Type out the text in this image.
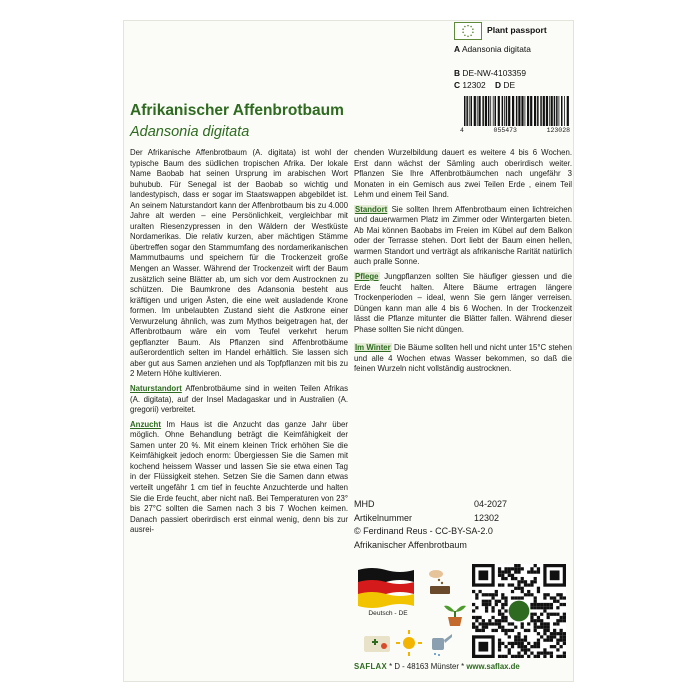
Plant passport
A Adansonia digitata
B DE-NW-4103359
C 12302 D DE
4	055473	123028
Afrikanischer Affenbrotbaum
Adansonia digitata

Der Afrikanische Affenbrotbaum (A. digitata) ist wohl der typische Baum des südlichen tropischen Afrika. Der lokale Name Baobab hat seinen Ursprung im arabischen Wort buhubub. Für Senegal ist der Baobab so wichtig und landestypisch, dass er sogar im Staatswappen abgebildet ist. An seinem Naturstandort kann der Affenbrotbaum bis zu 4.000 Jahre alt werden – eine Persönlichkeit, vergleichbar mit uralten Riesenzypressen in den Wäldern der Westküste Nordamerikas. Die relativ kurzen, aber mächtigen Stämme übertreffen sogar den Stammumfang des nordamerikanischen Mammutbaums und speichern für die Trockenzeit große Mengen an Wasser. Während der Trockenzeit wirft der Baum zusätzlich seine Blätter ab, um sich vor dem Austrocknen zu schützen. Die Baumkrone des Adansonia besteht aus kräftigen und urigen Ästen, die eine weit ausladende Krone formen. Im unbelaubten Zustand sieht die Astkrone einer Verwurzelung ähnlich, was zum Mythos beigetragen hat, der Affenbrotbaum wäre ein vom Teufel verkehrt herum gepflanzter Baum. Als Pflanzen sind Affenbrotbäume außerordentlich selten im Handel erhältlich. Sie lassen sich aber gut aus Samen anziehen und als Topfpflanzen mit bis zu 2 Metern Höhe kultivieren.

Naturstandort Affenbrotbäume sind in weiten Teilen Afrikas (A. digitata), auf der Insel Madagaskar und in Australien (A. gregorii) verbreitet.

Anzucht Im Haus ist die Anzucht das ganze Jahr über möglich. Ohne Behandlung beträgt die Keimfähigkeit der Samen unter 20 %. Mit einem kleinen Trick erhöhen Sie die Keimfähigkeit jedoch enorm: Übergiessen Sie die Samen mit kochend heissem Wasser und lassen Sie sie etwa einen Tag in der Flüssigkeit stehen. Setzen Sie die Samen dann etwas verteilt ungefähr 1 cm tief in feuchte Anzuchterde und halten Sie die Erde feucht, aber nicht naß. Bei Temperaturen von 23° bis 27°C sollten die Samen nach 3 bis 7 Wochen keimen. Danach passiert oberirdisch erst einmal wenig, denn bis zur ausrei-

chenden Wurzelbildung dauert es weitere 4 bis 6 Wochen. Erst dann wächst der Sämling auch oberirdisch weiter. Pflanzen Sie Ihre Affenbrotbäumchen nach ungefähr 3 Monaten in ein Gemisch aus zwei Teilen Erde , einem Teil Lehm und einem Teil Sand.

Standort Sie sollten Ihrem Affenbrotbaum einen lichtreichen und dauerwarmen Platz im Zimmer oder Wintergarten bieten. Ab Mai können Baobabs im Freien im Kübel auf dem Balkon oder der Terrasse stehen. Dort liebt der Baum einen hellen, warmen Standort und verträgt als afrikanische Rarität natürlich auch pralle Sonne.

Pflege Jungpflanzen sollten Sie häufiger giessen und die Erde feucht halten. Ältere Bäume ertragen längere Trockenperioden – ideal, wenn Sie gern länger verreisen. Düngen kann man alle 4 bis 6 Wochen. In der Trockenzeit lässt die Pflanze mitunter die Blätter fallen. Während dieser Phase sollten Sie nicht düngen.

Im Winter Die Bäume sollten hell und nicht unter 15°C stehen und alle 4 Wochen etwas Wasser bekommen, so daß die feinen Wurzeln nicht vollständig austrocknen.

MHD	04-2027
Artikelnummer	12302
© Ferdinand Reus - CC-BY-SA-2.0
Afrikanischer Affenbrotbaum
Deutsch - DE
SAFLAX * D - 48163 Münster * www.saflax.de
